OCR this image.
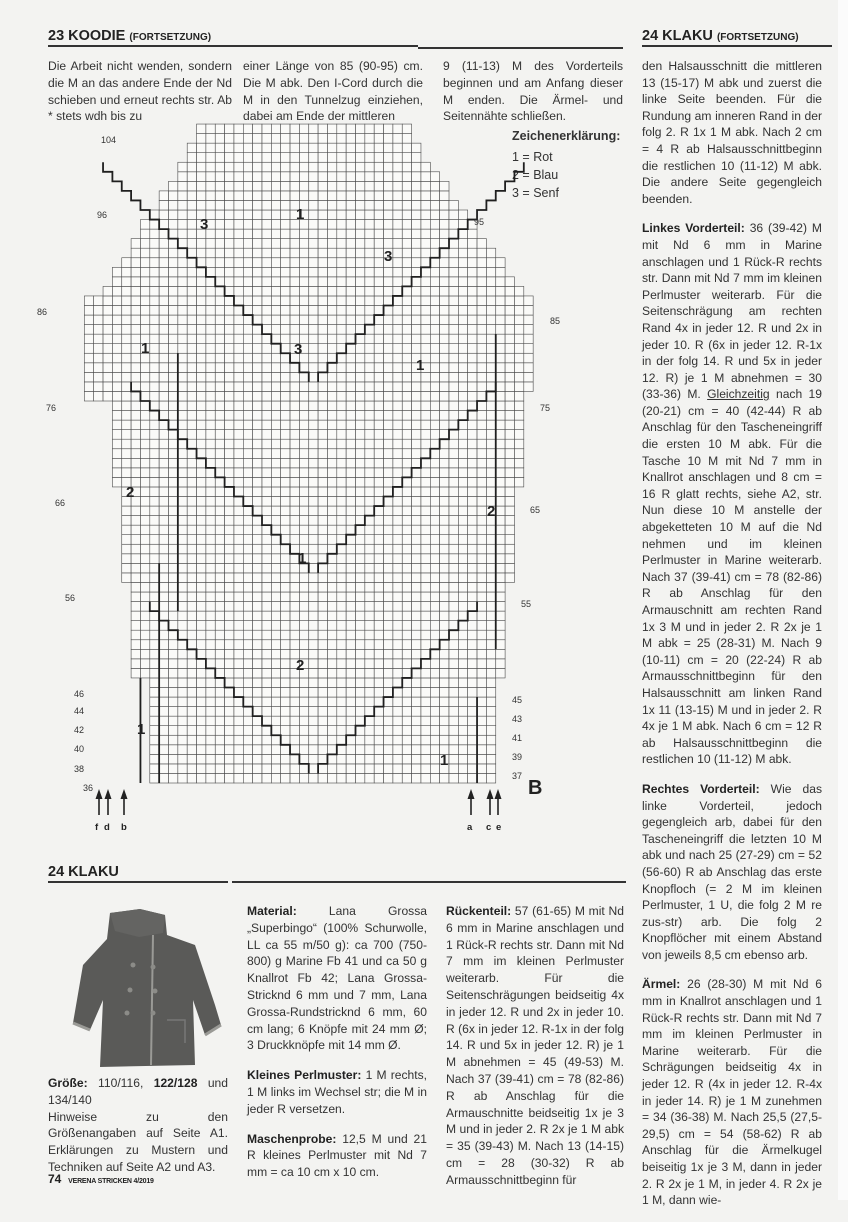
23 KOODIE (FORTSETZUNG)
Die Arbeit nicht wenden, sondern die M an das andere Ende der Nd schieben und erneut rechts str. Ab * stets wdh bis zu
einer Länge von 85 (90-95) cm. Die M abk. Den I-Cord durch die M in den Tunnelzug einziehen, dabei am Ende der mittleren
9 (11-13) M des Vorderteils beginnen und am Anfang dieser M enden. Die Ärmel- und Seitennähte schließen.
Zeichenerklärung:
1 = Rot
2 = Blau
3 = Senf
104
96
86
76
66
56
46
44
42
40
38
36
95
85
75
65
55
45
43
41
39
37
3
1
3
1	3
1
2
1
2
2
1
1
B
f d b	a c e
24 KLAKU
Größe: 110/116, 122/128 und 134/140
Hinweise zu den Größenangaben auf Seite A1. Erklärungen zu Mustern und Techniken auf Seite A2 und A3.

Material: Lana Grossa „Superbingo“ (100% Schurwolle, LL ca 55 m/50 g): ca 700 (750-800) g Marine Fb 41 und ca 50 g Knallrot Fb 42; Lana Grossa-Stricknd 6 mm und 7 mm, Lana Grossa-Rundstricknd 6 mm, 60 cm lang; 6 Knöpfe mit 24 mm Ø; 3 Druckknöpfe mit 14 mm Ø.

Kleines Perlmuster: 1 M rechts, 1 M links im Wechsel str; die M in jeder R versetzen.

Maschenprobe: 12,5 M und 21 R kleines Perlmuster mit Nd 7 mm = ca 10 cm x 10 cm.

Rückenteil: 57 (61-65) M mit Nd 6 mm in Marine anschlagen und 1 Rück-R rechts str. Dann mit Nd 7 mm im kleinen Perlmuster weiterarb. Für die Seitenschrägungen beidseitig 4x in jeder 12. R und 2x in jeder 10. R (6x in jeder 12. R-1x in der folg 14. R und 5x in jeder 12. R) je 1 M abnehmen = 45 (49-53) M. Nach 37 (39-41) cm = 78 (82-86) R ab Anschlag für die Armauschnitte beidseitig 1x je 3 M und in jeder 2. R 2x je 1 M abk = 35 (39-43) M. Nach 13 (14-15) cm = 28 (30-32) R ab Armausschnittbeginn für
24 KLAKU (FORTSETZUNG)

den Halsausschnitt die mittleren 13 (15-17) M abk und zuerst die linke Seite beenden. Für die Rundung am inneren Rand in der folg 2. R 1x 1 M abk. Nach 2 cm = 4 R ab Halsausschnittbeginn die restlichen 10 (11-12) M abk. Die andere Seite gegengleich beenden.

Linkes Vorderteil: 36 (39-42) M mit Nd 6 mm in Marine anschlagen und 1 Rück-R rechts str. Dann mit Nd 7 mm im kleinen Perlmuster weiterarb. Für die Seitenschrägung am rechten Rand 4x in jeder 12. R und 2x in jeder 10. R (6x in jeder 12. R-1x in der folg 14. R und 5x in jeder 12. R) je 1 M abnehmen = 30 (33-36) M. Gleichzeitig nach 19 (20-21) cm = 40 (42-44) R ab Anschlag für den Tascheneingriff die ersten 10 M abk. Für die Tasche 10 M mit Nd 7 mm in Knallrot anschlagen und 8 cm = 16 R glatt rechts, siehe A2, str. Nun diese 10 M anstelle der abgeketteten 10 M auf die Nd nehmen und im kleinen Perlmuster in Marine weiterarb. Nach 37 (39-41) cm = 78 (82-86) R ab Anschlag für den Armauschnitt am rechten Rand 1x 3 M und in jeder 2. R 2x je 1 M abk = 25 (28-31) M. Nach 9 (10-11) cm = 20 (22-24) R ab Armausschnittbeginn für den Halsausschnitt am linken Rand 1x 11 (13-15) M und in jeder 2. R 4x je 1 M abk. Nach 6 cm = 12 R ab Halsausschnittbeginn die restlichen 10 (11-12) M abk.

Rechtes Vorderteil: Wie das linke Vorderteil, jedoch gegengleich arb, dabei für den Tascheneingriff die letzten 10 M abk und nach 25 (27-29) cm = 52 (56-60) R ab Anschlag das erste Knopfloch (= 2 M im kleinen Perlmuster, 1 U, die folg 2 M re zus-str) arb. Die folg 2 Knopflöcher mit einem Abstand von jeweils 8,5 cm ebenso arb.

Ärmel: 26 (28-30) M mit Nd 6 mm in Knallrot anschlagen und 1 Rück-R rechts str. Dann mit Nd 7 mm im kleinen Perlmuster in Marine weiterarb. Für die Schrägungen beidseitig 4x in jeder 12. R (4x in jeder 12. R-4x in jeder 14. R) je 1 M zunehmen = 34 (36-38) M. Nach 25,5 (27,5-29,5) cm = 54 (58-62) R ab Anschlag für die Ärmelkugel beiseitig 1x je 3 M, dann in jeder 2. R 2x je 1 M, in jeder 4. R 2x je 1 M, dann wie-

74 VERENA STRICKEN 4/2019
